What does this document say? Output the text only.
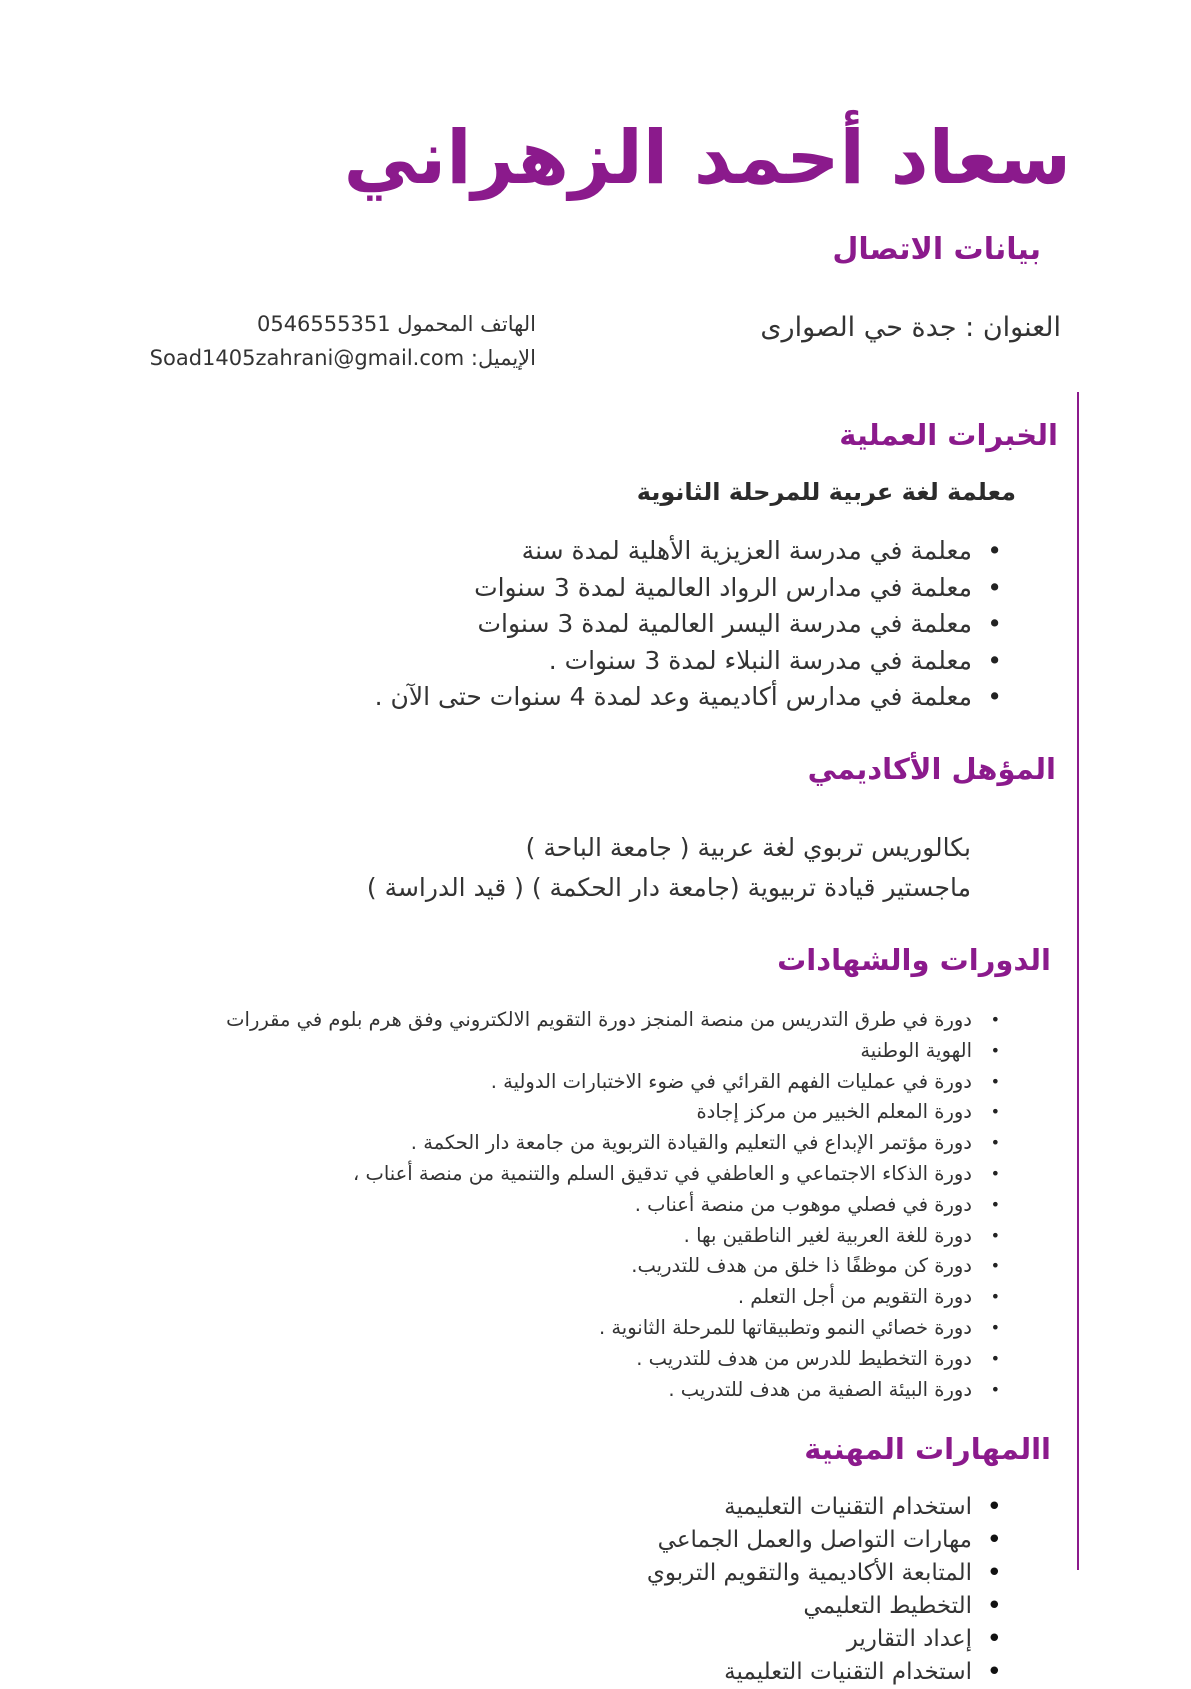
سعاد أحمد الزهراني
بيانات الاتصال

العنوان : جدة حي الصوارى

الهاتف المحمول 0546555351

الإيميل: Soad1405zahrani@gmail.com

الخبرات العملية

معلمة لغة عربية للمرحلة الثانوية

• معلمة في مدرسة العزيزية الأهلية لمدة سنة
• معلمة في مدارس الرواد العالمية لمدة 3 سنوات
• معلمة في مدرسة اليسر العالمية لمدة 3 سنوات
• معلمة في مدرسة النبلاء لمدة 3 سنوات .
• معلمة في مدارس أكاديمية وعد لمدة 4 سنوات حتى الآن .
المؤهل الأكاديمي
بكالوريس تربوي لغة عربية ( جامعة الباحة )
ماجستير قيادة تربيوية (جامعة دار الحكمة ) ( قيد الدراسة )
الدورات والشهادات
• دورة في طرق التدريس من منصة المنجز دورة التقويم الالكتروني وفق هرم بلوم في مقررات
• الهوية الوطنية
• دورة في عمليات الفهم القرائي في ضوء الاختبارات الدولية .
• دورة المعلم الخبير من مركز إجادة
• دورة مؤتمر الإبداع في التعليم والقيادة التربوية من جامعة دار الحكمة .
• دورة الذكاء الاجتماعي و العاطفي في تدقيق السلم والتنمية من منصة أعناب ،
• دورة في فصلي موهوب من منصة أعناب .
• دورة للغة العربية لغير الناطقين بها .
• دورة كن موظفًا ذا خلق من هدف للتدريب.
• دورة التقويم من أجل التعلم .
• دورة خصائي النمو وتطبيقاتها للمرحلة الثانوية .
• دورة التخطيط للدرس من هدف للتدريب .
• دورة البيئة الصفية من هدف للتدريب .
االمهارات المهنية
• استخدام التقنيات التعليمية
• مهارات التواصل والعمل الجماعي
• المتابعة الأكاديمية والتقويم التربوي
• التخطيط التعليمي
• إعداد التقارير
• استخدام التقنيات التعليمية
